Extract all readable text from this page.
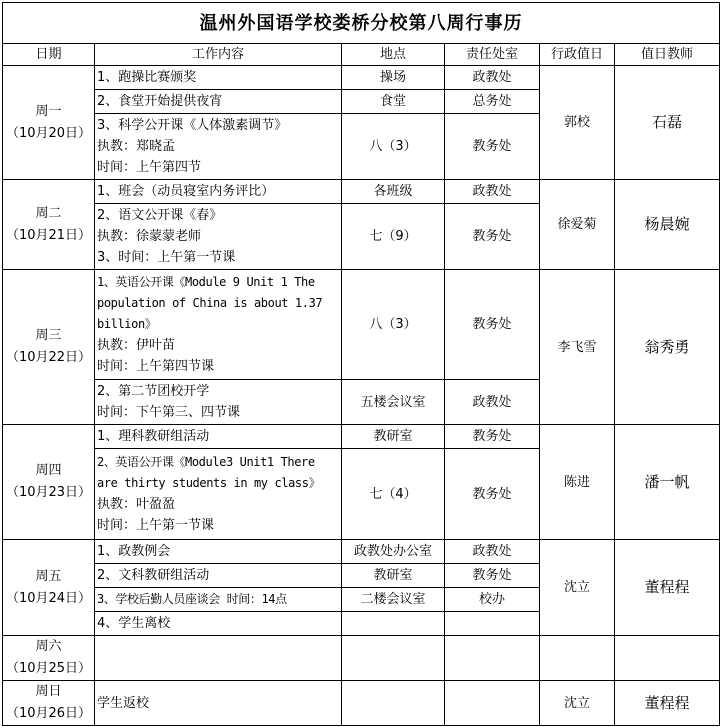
温州外国语学校娄桥分校第八周行事历					
日期	工作内容	地点	责任处室	行政值日	值日教师

周一
（10月20日）	1、跑操比赛颁奖	操场	政教处	郭校	石磊

	2、食堂开始提供夜宵	食堂	总务处		

	3、科学公开课《人体激素调节》
执教：郑晓孟
时间：上午第四节	八（3）	教务处		

周二
（10月21日）	1、班会（动员寝室内务评比）	各班级	政教处	徐爱菊	杨晨婉

	2、语文公开课《春》
执教：徐蒙蒙老师
3、时间：上午第一节课	七（9）	教务处		

周三
（10月22日）	1、英语公开课《Module 9 Unit 1 The
population of China is about 1.37
billion》
执教：伊叶苗
时间：上午第四节课	八（3）	教务处	李飞雪	翁秀勇

	2、第二节团校开学
时间：下午第三、四节课	五楼会议室	政教处		

周四
（10月23日）	1、理科教研组活动	教研室	教务处	陈进	潘一帆

	2、英语公开课《Module3 Unit1 There
are thirty students in my class》
执教：叶盈盈
时间：上午第一节课	七（4）	教务处		

周五
（10月24日）	1、政教例会	政教处办公室	政教处	沈立	董程程

	2、文科教研组活动	教研室	教务处		

	3、学校后勤人员座谈会 时间：14点	二楼会议室	校办		

	4、学生离校				

周六
（10月25日）					

周日
（10月26日）	学生返校			沈立	董程程
